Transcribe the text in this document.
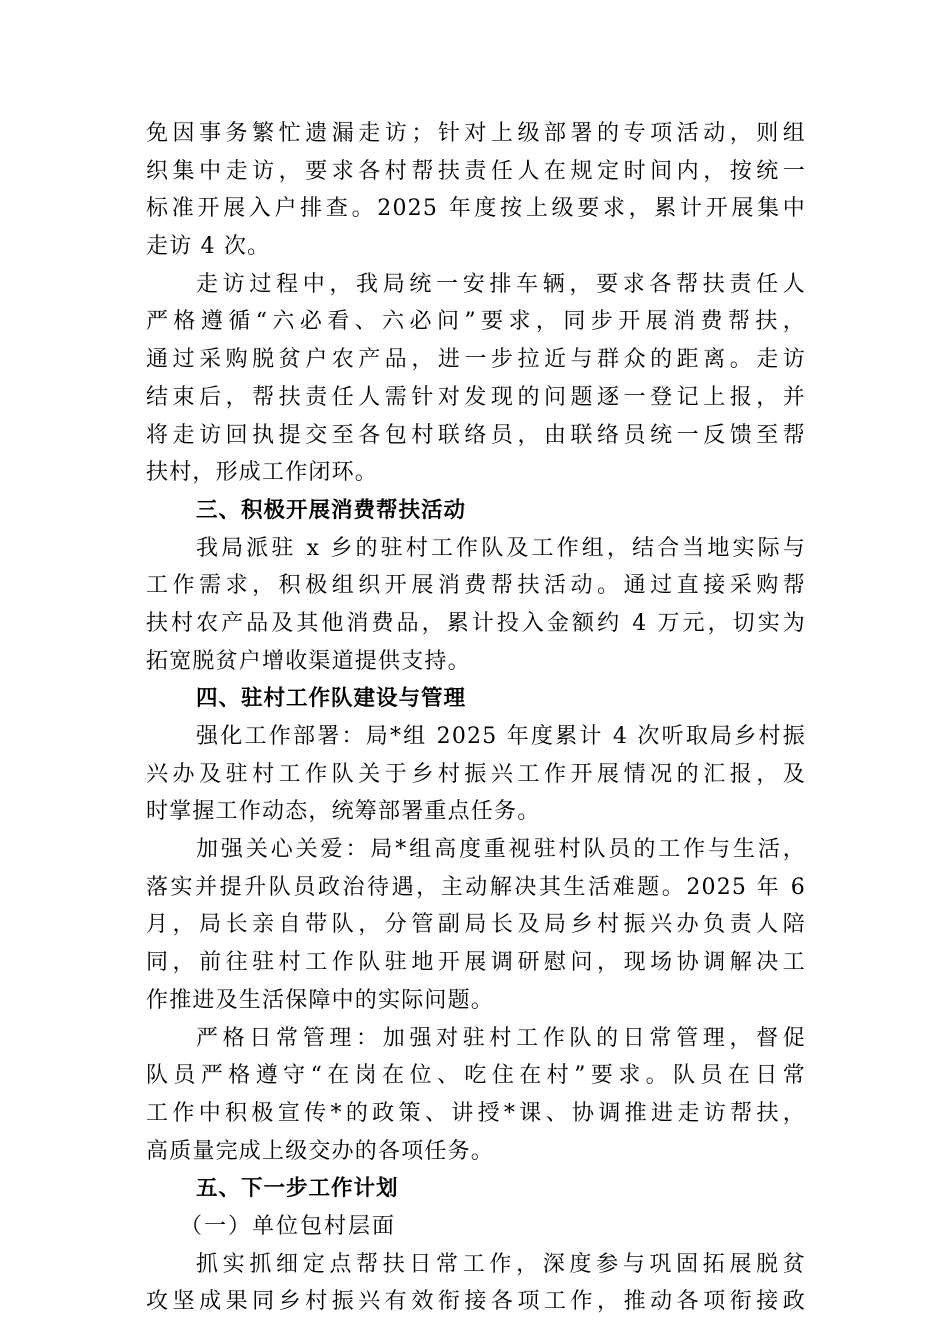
免因事务繁忙遗漏走访；针对上级部署的专项活动，则组
织集中走访，要求各村帮扶责任人在规定时间内，按统一
标准开展入户排查。2025 年度按上级要求，累计开展集中
走访 4 次。
走访过程中，我局统一安排车辆，要求各帮扶责任人
严格遵循“六必看、六必问”要求，同步开展消费帮扶，
通过采购脱贫户农产品，进一步拉近与群众的距离。走访
结束后，帮扶责任人需针对发现的问题逐一登记上报，并
将走访回执提交至各包村联络员，由联络员统一反馈至帮
扶村，形成工作闭环。
三、积极开展消费帮扶活动
我局派驻 x 乡的驻村工作队及工作组，结合当地实际与
工作需求，积极组织开展消费帮扶活动。通过直接采购帮
扶村农产品及其他消费品，累计投入金额约 4 万元，切实为
拓宽脱贫户增收渠道提供支持。
四、驻村工作队建设与管理
强化工作部署：局*组 2025 年度累计 4 次听取局乡村振
兴办及驻村工作队关于乡村振兴工作开展情况的汇报，及
时掌握工作动态，统筹部署重点任务。
加强关心关爱：局*组高度重视驻村队员的工作与生活，
落实并提升队员政治待遇，主动解决其生活难题。2025 年 6
月，局长亲自带队，分管副局长及局乡村振兴办负责人陪
同，前往驻村工作队驻地开展调研慰问，现场协调解决工
作推进及生活保障中的实际问题。
严格日常管理：加强对驻村工作队的日常管理，督促
队员严格遵守“在岗在位、吃住在村”要求。队员在日常
工作中积极宣传*的政策、讲授*课、协调推进走访帮扶，
高质量完成上级交办的各项任务。
五、下一步工作计划
（一）单位包村层面
抓实抓细定点帮扶日常工作，深度参与巩固拓展脱贫
攻坚成果同乡村振兴有效衔接各项工作，推动各项衔接政
